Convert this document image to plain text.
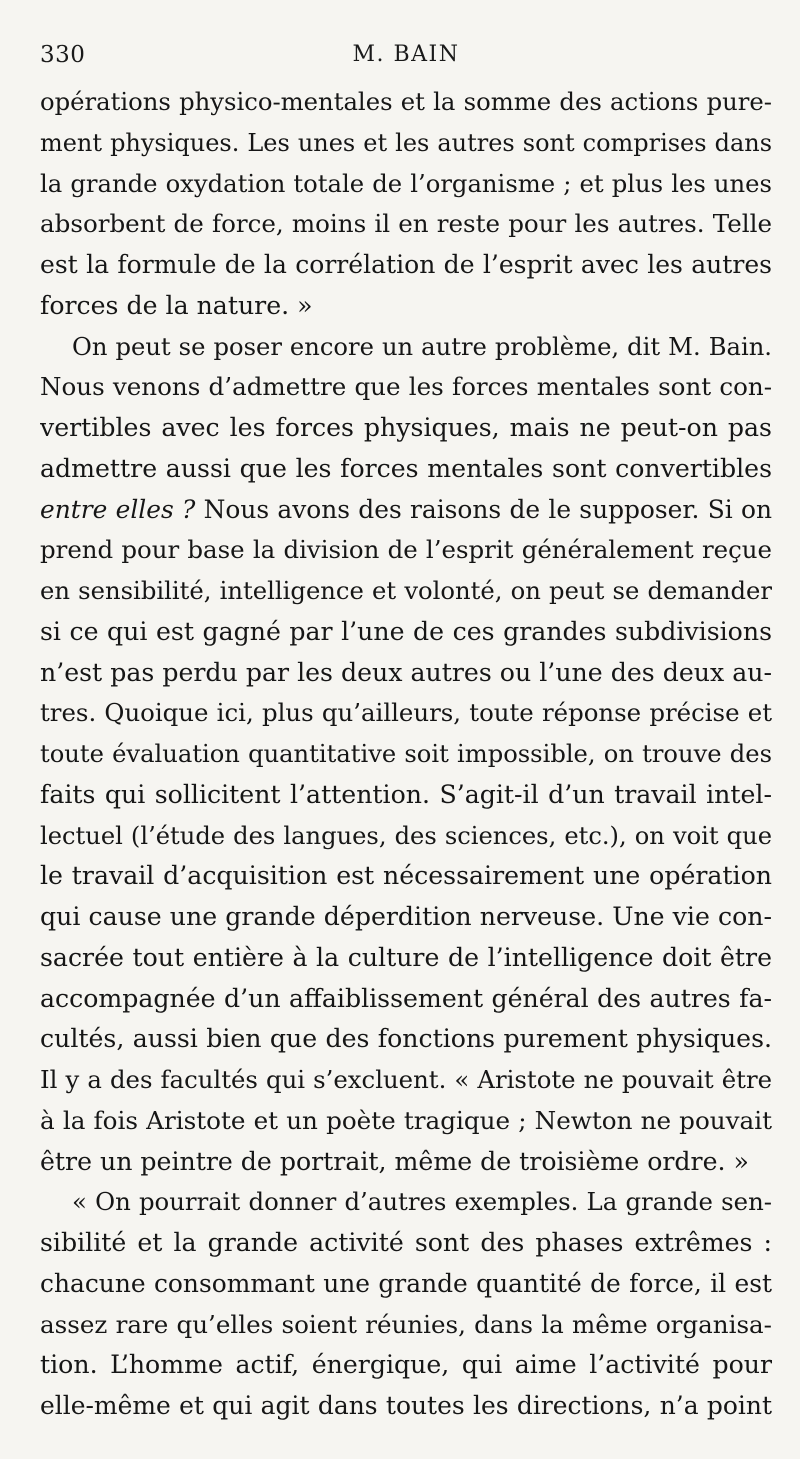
330	M. BAIN
opérations physico-mentales et la somme des actions pure-
ment physiques. Les unes et les autres sont comprises dans
la grande oxydation totale de l’organisme ; et plus les unes
absorbent de force, moins il en reste pour les autres. Telle
est la formule de la corrélation de l’esprit avec les autres
forces de la nature. »
On peut se poser encore un autre problème, dit M. Bain.
Nous venons d’admettre que les forces mentales sont con-
vertibles avec les forces physiques, mais ne peut-on pas
admettre aussi que les forces mentales sont convertibles
entre elles ? Nous avons des raisons de le supposer. Si on
prend pour base la division de l’esprit généralement reçue
en sensibilité, intelligence et volonté, on peut se demander
si ce qui est gagné par l’une de ces grandes subdivisions
n’est pas perdu par les deux autres ou l’une des deux au-
tres. Quoique ici, plus qu’ailleurs, toute réponse précise et
toute évaluation quantitative soit impossible, on trouve des
faits qui sollicitent l’attention. S’agit-il d’un travail intel-
lectuel (l’étude des langues, des sciences, etc.), on voit que
le travail d’acquisition est nécessairement une opération
qui cause une grande déperdition nerveuse. Une vie con-
sacrée tout entière à la culture de l’intelligence doit être
accompagnée d’un affaiblissement général des autres fa-
cultés, aussi bien que des fonctions purement physiques.
Il y a des facultés qui s’excluent. « Aristote ne pouvait être
à la fois Aristote et un poète tragique ; Newton ne pouvait
être un peintre de portrait, même de troisième ordre. »
« On pourrait donner d’autres exemples. La grande sen-
sibilité et la grande activité sont des phases extrêmes :
chacune consommant une grande quantité de force, il est
assez rare qu’elles soient réunies, dans la même organisa-
tion. L’homme actif, énergique, qui aime l’activité pour
elle-même et qui agit dans toutes les directions, n’a point
